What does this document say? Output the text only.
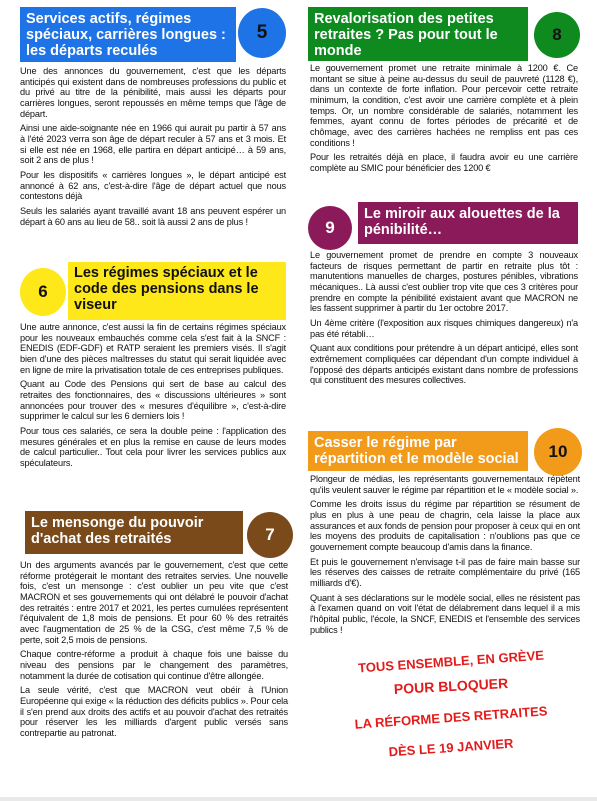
Services actifs, régimes spéciaux, carrières longues : les départs reculés
5

Une des annonces du gouvernement, c'est que les départs anticipés qui existent dans de nombreuses professions du public et du privé au titre de la pénibilité, mais aussi les départs pour carrières longues, seront repoussés en même temps que l'âge de départ.

Ainsi une aide-soignante née en 1966 qui aurait pu partir à 57 ans à l'été 2023 verra son âge de départ reculer à 57 ans et 3 mois. Et si elle est née en 1968, elle partira en départ anticipé… à 59 ans, soit 2 ans de plus !

Pour les dispositifs « carrières longues », le départ anticipé est annoncé à 62 ans, c'est-à-dire l'âge de départ actuel que nous contestons déjà

Seuls les salariés ayant travaillé avant 18 ans peuvent espérer un départ à 60 ans au lieu de 58.. soit là aussi 2 ans de plus !

6
Les régimes spéciaux et le code des pensions dans le viseur

Une autre annonce, c'est aussi la fin de certains régimes spéciaux pour les nouveaux embauchés comme cela s'est fait à la SNCF : ENEDIS (EDF-GDF) et RATP seraient les premiers visés. Il s'agit bien d'une des pièces maîtresses du statut qui serait liquidée avec en ligne de mire la privatisation totale de ces entreprises publiques.

Quant au Code des Pensions qui sert de base au calcul des retraites des fonctionnaires, des « discussions ultérieures » sont annoncées pour trouver des « mesures d'équilibre », c'est-à-dire supprimer le calcul sur les 6 derniers lois !

Pour tous ces salariés, ce sera la double peine : l'application des mesures générales et en plus la remise en cause de leurs modes de calcul particulier.. Tout cela pour livrer les services publics aux spéculateurs.

Le mensonge du pouvoir d'achat des retraités	7

Un des arguments avancés par le gouvernement, c'est que cette réforme protégerait le montant des retraites servies. Une nouvelle fois, c'est un mensonge : c'est oublier un peu vite que c'est MACRON et ses gouvernements qui ont délabré le pouvoir d'achat des retraités : entre 2017 et 2021, les pertes cumulées représentent l'équivalent de 1,8 mois de pensions. Et pour 60 % des retraités avec l'augmentation de 25 % de la CSG, c'est même 7,5 % de perte, soit 2,5 mois de pensions.

Chaque contre-réforme a produit à chaque fois une baisse du niveau des pensions par le changement des paramètres, notamment la durée de cotisation qui continue d'être allongée.

La seule vérité, c'est que MACRON veut obéir à l'Union Européenne qui exige « la réduction des déficits publics ». Pour cela il s'en prend aux droits des actifs et au pouvoir d'achat des retraités pour réserver les les milliards d'argent public versés sans contrepartie au patronat.

Revalorisation des petites retraites ? Pas pour tout le monde
8

Le gouvernement promet une retraite minimale à 1200 €. Ce montant se situe à peine au-dessus du seuil de pauvreté (1128 €), dans un contexte de forte inflation. Pour percevoir cette retraite minimum, la condition, c'est avoir une carrière complète et à plein temps. Or, un nombre considérable de salariés, notamment les femmes, ayant connu de fortes périodes de précarité et de chômage, avec des carrières hachées ne rempliss ent pas ces conditions !

Pour les retraités déjà en place, il faudra avoir eu une carrière complète au SMIC pour bénéficier des 1200 €

9
Le miroir aux alouettes de la pénibilité…

Le gouvernement promet de prendre en compte 3 nouveaux facteurs de risques permettant de partir en retraite plus tôt : manutentions manuelles de charges, postures pénibles, vibrations mécaniques.. Là aussi c'est oublier trop vite que ces 3 critères pour prendre en compte la pénibilité existaient avant que MACRON ne les fassent supprimer à partir du 1er octobre 2017.

Un 4ème critère (l'exposition aux risques chimiques dangereux) n'a pas été rétabli…

Quant aux conditions pour prétendre à un départ anticipé, elles sont extrêmement compliquées car dépendant d'un compte individuel à l'opposé des départs anticipés existant dans nombre de professions qui constituent des mesures collectives.

Casser le régime par répartition et le modèle social	10

Plongeur de médias, les représentants gouvernementaux répètent qu'ils veulent sauver le régime par répartition et le « modèle social ».

Comme les droits issus du régime par répartition se résument de plus en plus à une peau de chagrin, cela laisse la place aux assurances et aux fonds de pension pour proposer à ceux qui en ont les moyens des produits de capitalisation : n'oublions pas que ce gouvernement compte beaucoup d'amis dans la finance.

Et puis le gouvernement n'envisage t-il pas de faire main basse sur les réserves des caisses de retraite complémentaire du privé (165 milliards d'€).

Quant à ses déclarations sur le modèle social, elles ne résistent pas à l'examen quand on voit l'état de délabrement dans lequel il a mis l'hôpital public, l'école, la SNCF, ENEDIS et l'ensemble des services publics !

TOUS ENSEMBLE, EN GRÈVE
POUR BLOQUER
LA RÉFORME DES RETRAITES
DÈS LE 19 JANVIER
